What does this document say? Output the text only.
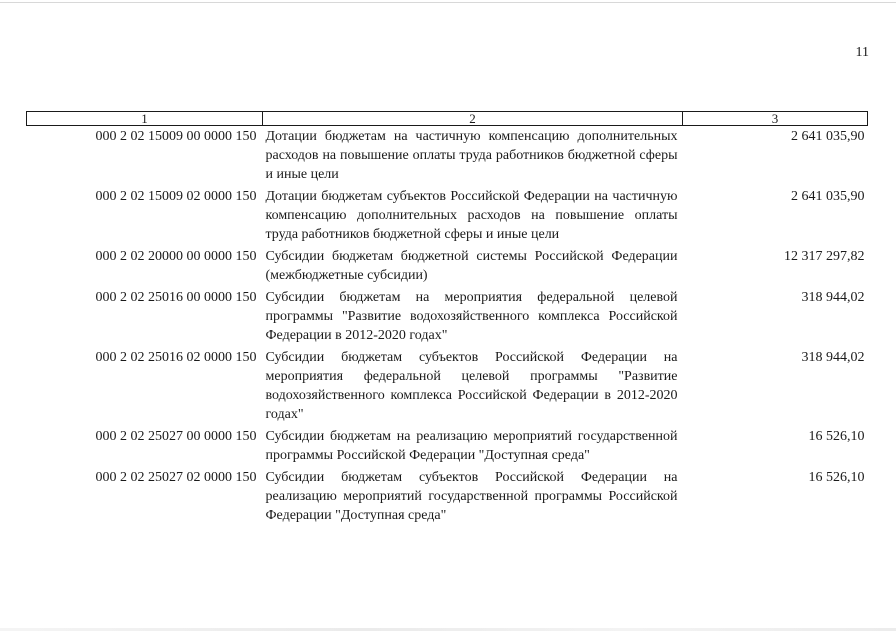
11
1	2	3
000 2 02 15009 00 0000 150	Дотации бюджетам на частичную компенсацию дополнительных расходов на повышение оплаты труда работников бюджетной сферы и иные цели	2 641 035,90
000 2 02 15009 02 0000 150	Дотации бюджетам субъектов Российской Федерации на частичную компенсацию дополнительных расходов на повышение оплаты труда работников бюджетной сферы и иные цели	2 641 035,90
000 2 02 20000 00 0000 150	Субсидии бюджетам бюджетной системы Российской Федерации (межбюджетные субсидии)	12 317 297,82
000 2 02 25016 00 0000 150	Субсидии бюджетам на мероприятия федеральной целевой программы "Развитие водохозяйственного комплекса Российской Федерации в 2012-2020 годах"	318 944,02
000 2 02 25016 02 0000 150	Субсидии бюджетам субъектов Российской Федерации на мероприятия федеральной целевой программы "Развитие водохозяйственного комплекса Российской Федерации в 2012-2020 годах"	318 944,02
000 2 02 25027 00 0000 150	Субсидии бюджетам на реализацию мероприятий государственной программы Российской Федерации "Доступная среда"	16 526,10
000 2 02 25027 02 0000 150	Субсидии бюджетам субъектов Российской Федерации на реализацию мероприятий государственной программы Российской Федерации "Доступная среда"	16 526,10
